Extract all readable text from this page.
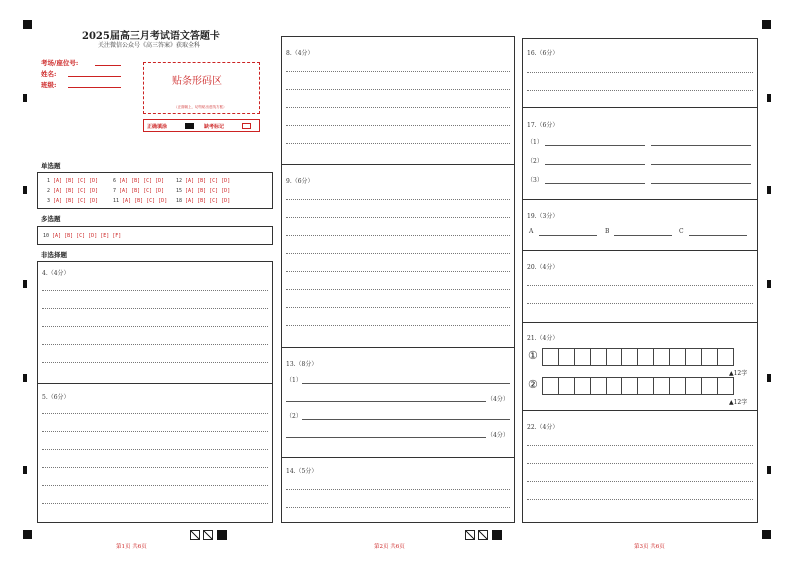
2025届高三月考试语文答题卡
关注微信公众号《高三答案》获取全科
考场/座位号:
姓名:
班级:	贴条形码区
（正面朝上，切勿贴出虚线方框）
正确填涂	缺考标记
单选题
1 [A] [B] [C] [D]	6 [A] [B] [C] [D] 12 [A] [B] [C] [D]
2 [A] [B] [C] [D]	7 [A] [B] [C] [D] 15 [A] [B] [C] [D]
3 [A] [B] [C] [D]	11 [A] [B] [C] [D] 18 [A] [B] [C] [D]
多选题
10 [A] [B] [C] [D] [E] [F]
非选择题
4.（4分）
5.（6分）
第1页 共6页
8.（4分）
9.（6分）
13.（8分）
（1）
（4分）
（2）
（4分）
14.（5分）
第2页 共6页
16.（6分）
17.（6分）
（1）
（2）
（3）
19.（3分）
A	B	C
20.（4分）
21.（4分）
①
▲12字
②
▲12字
22.（4分）
第3页 共6页
